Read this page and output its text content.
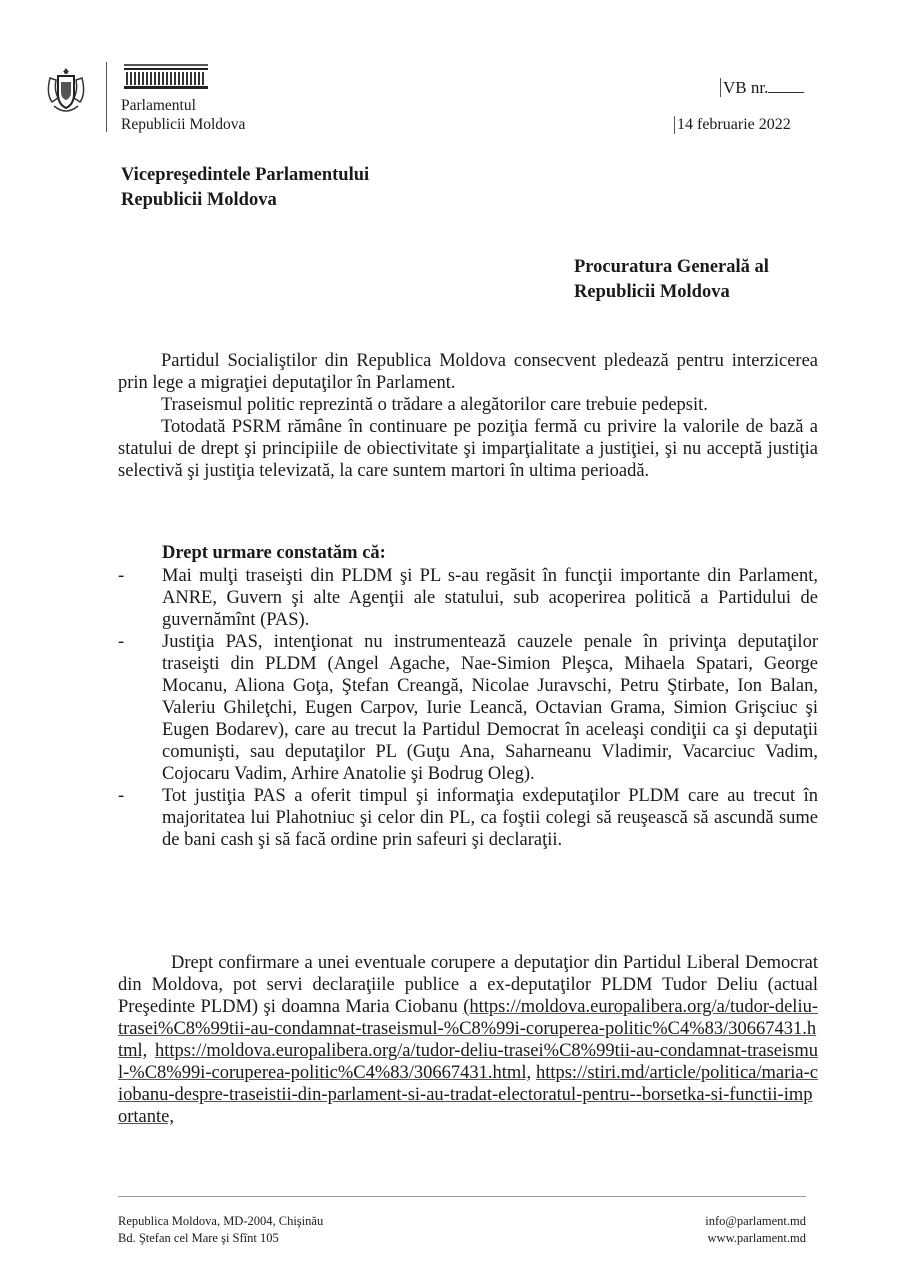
Parlamentul
Republicii Moldova
VB nr.
14 februarie 2022
Vicepreşedintele Parlamentului
Republicii Moldova
Procuratura Generală al
Republicii Moldova

Partidul Socialiştilor din Republica Moldova consecvent pledează pentru interzicerea prin lege a migraţiei deputaţilor în Parlament.

Traseismul politic reprezintă o trădare a alegătorilor care trebuie pedepsit.

Totodată PSRM rămâne în continuare pe poziţia fermă cu privire la valorile de bază a statului de drept şi principiile de obiectivitate şi imparţialitate a justiţiei, şi nu acceptă justiţia selectivă şi justiţia televizată, la care suntem martori în ultima perioadă.

Drept urmare constatăm că:
- Mai mulţi traseişti din PLDM şi PL s-au regăsit în funcţii importante din Parlament, ANRE, Guvern şi alte Agenţii ale statului, sub acoperirea politică a Partidului de guvernămînt (PAS).
- Justiţia PAS, intenţionat nu instrumentează cauzele penale în privinţa deputaţilor traseişti din PLDM (Angel Agache, Nae-Simion Pleşca, Mihaela Spatari, George Mocanu, Aliona Goţa, Ştefan Creangă, Nicolae Juravschi, Petru Ştirbate, Ion Balan, Valeriu Ghileţchi, Eugen Carpov, Iurie Leancă, Octavian Grama, Simion Grişciuc şi Eugen Bodarev), care au trecut la Partidul Democrat în aceleaşi condiţii ca şi deputaţii comunişti, sau deputaţilor PL (Guţu Ana, Saharneanu Vladimir, Vacarciuc Vadim, Cojocaru Vadim, Arhire Anatolie şi Bodrug Oleg).
- Tot justiţia PAS a oferit timpul şi informaţia exdeputaţilor PLDM care au trecut în majoritatea lui Plahotniuc şi celor din PL, ca foştii colegi să reuşească să ascundă sume de bani cash şi să facă ordine prin safeuri şi declaraţii.

Drept confirmare a unei eventuale corupere a deputaţior din Partidul Liberal Democrat din Moldova, pot servi declaraţiile publice a ex-deputaţilor PLDM Tudor Deliu (actual Preşedinte PLDM) şi doamna Maria Ciobanu (https://moldova.europalibera.org/a/tudor-deliu-trasei%C8%99tii-au-condamnat-traseismul-%C8%99i-coruperea-politic%C4%83/30667431.html, https://moldova.europalibera.org/a/tudor-deliu-trasei%C8%99tii-au-condamnat-traseismul-%C8%99i-coruperea-politic%C4%83/30667431.html, https://stiri.md/article/politica/maria-ciobanu-despre-traseistii-din-parlament-si-au-tradat-electoratul-pentru--borsetka-si-functii-importante,

Republica Moldova, MD-2004, Chişinău
Bd. Ştefan cel Mare şi Sfînt 105
info@parlament.md
www.parlament.md
